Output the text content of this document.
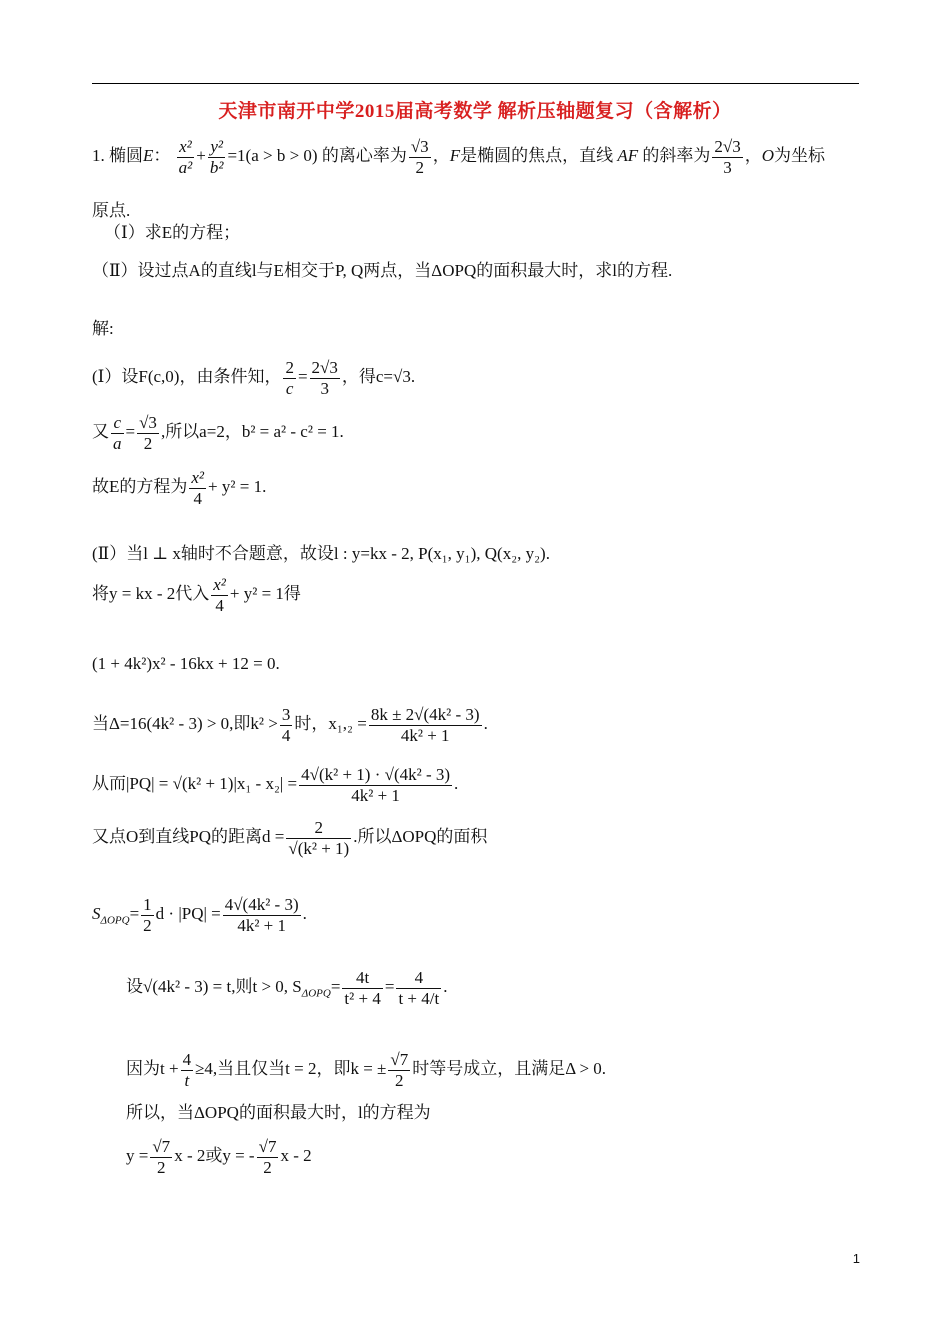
天津市南开中学2015届高考数学 解析压轴题复习（含解析）
1. 椭圆E： $\frac{\text{x²}}{\text{a²}} + \frac{\text{y²}}{\text{b²}} =1(a > b > 0)$ 的离心率为 $\frac{√3}{2}$ ，F是椭圆的焦点，直线 AF 的斜率为 $\frac{2√3}{3}$ ，O为坐标
原点.
（Ⅰ）求E的方程；
（Ⅱ）设过点A的直线l与E相交于P, Q两点，当ΔOPQ的面积最大时，求l的方程.
解:
(Ⅰ）设F(c,0)，由条件知， $\frac{2}{c} = \frac{2√3}{3}$ ，得c=√3.
又 $\frac{c}{a} = \frac{√3}{2}$ ,所以a=2，b² = a² - c² = 1.
故E的方程为 $\frac{\text{x²}}{4} + y^2 = 1$.
(Ⅱ）当l ⊥ x轴时不合题意，故设l : y=kx - 2, P(x₁, y₁), Q(x₂, y₂).
将y = kx - 2代入 $\frac{\text{x²}}{4} + y^2 = 1$得
(1 + 4k²)x² - 16kx + 12 = 0.
当Δ=16(4k² - 3) > 0,即$k^2 > \frac{3}{4}$ 时，$x_1,_2 = \frac{\text{8k ± 2√(4k² - 3)}}{\text{4k² + 1}}$ .
从而$|PQ| = √(k^2 + 1)|x_1 - x_2| = \frac{\text{4√(k² + 1) · √(4k² - 3)}}{\text{4k² + 1}}$ .
又点O到直线PQ的距离$d = \frac{2}{\text{√(k² + 1)}}$ .所以ΔOPQ的面积
$S_{\Delta OPQ}= \frac{1}{2}$ $d \cdot |PQ| = \frac{\text{4√(4k² - 3)}}{\text{4k² + 1}}$ .
设√(4k² - 3) = t,则t > 0, $S_{\Delta OPQ}= \frac{4t}{\text{t² + 4}} = \frac{4}{t + 4/t}$ .
因为$t + \frac{4}{t} \ge 4$,当且仅当t = 2，即k = ± $\frac{√7}{2}$ 时等号成立，且满足Δ > 0.
所以，当ΔOPQ的面积最大时，l的方程为
$y = \frac{√7}{2}$ x - 2或y = - $\frac{√7}{2}$ x - 2
1
